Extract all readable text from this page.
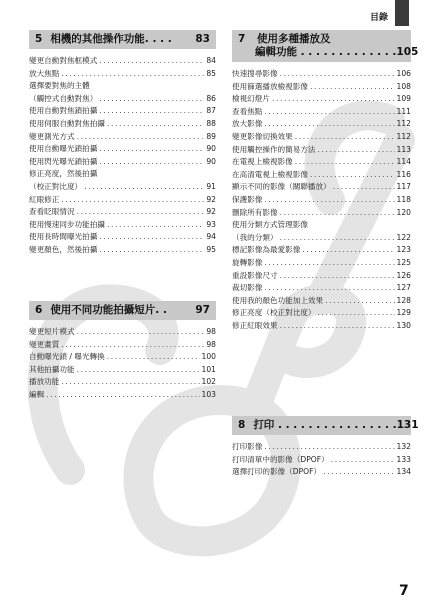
目錄
5 相機的其他操作功能. . . .	83
變更自動對焦框模式 .....	84
放大焦點 .....	85
選擇要對焦的主體
（觸控式自動對焦） .....	86
使用自動對焦鎖拍攝 .....	87
使用伺服自動對焦拍攝 .....	88
變更測光方式 .....	89
使用自動曝光鎖拍攝 .....	90
使用閃光曝光鎖拍攝 .....	90
修正亮度，然後拍攝
（校正對比度） .....	91
紅眼修正 .....	92
查看眨眼情況 .....	92
使用慢速同步功能拍攝 .....	93
使用長時間曝光拍攝 .....	94
變更顏色，然後拍攝 .....	95
6 使用不同功能拍攝短片. .	97
變更短片模式 .....	98
變更畫質 .....	98
自動曝光鎖 / 曝光轉換 .....	100
其他拍攝功能 .....	101
播放功能 .....	102
編輯 .....	103
7 使用多種播放及
編輯功能 . . . . . . . . . . . . . 105
快速搜尋影像 .....	106
使用篩選播放檢視影像 .....	108
檢視幻燈片 .....	109
查看焦點 .....	111
放大影像 .....	112
變更影像切換效果 .....	112
使用觸控操作的簡易方法 .....	113
在電視上檢視影像 .....	114
在高清電視上檢視影像 .....	116
顯示不同的影像（關聯播放） .....	117
保護影像 .....	118
刪除所有影像 .....	120
使用分類方式管理影像
（我的分類） .....	122
標記影像為最愛影像 .....	123
旋轉影像 .....	125
重設影像尺寸 .....	126
裁切影像 .....	127
使用我的顏色功能加上效果 .....	128
修正亮度（校正對比度） .....	129
修正紅眼效果 .....	130
8 打印 . . . . . . . . . . . . . . . . 131
打印影像 .....	132
打印清單中的影像（DPOF） .....	133
選擇打印的影像（DPOF） .....	134
7
